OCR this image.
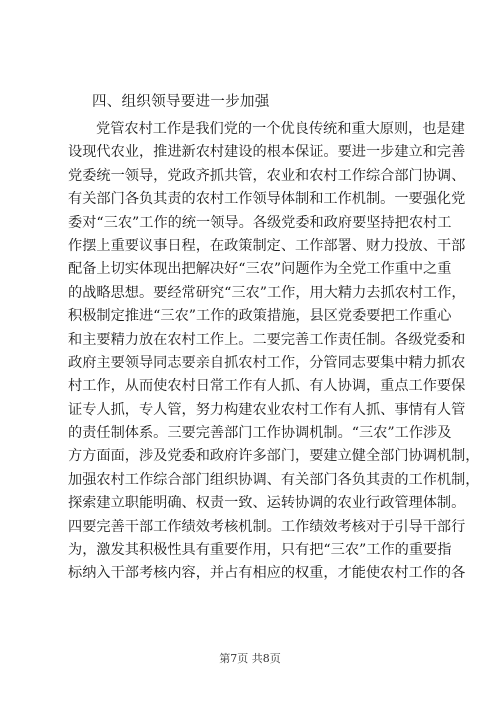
四、组织领导要进一步加强
党管农村工作是我们党的一个优良传统和重大原则，也是建
设现代农业，推进新农村建设的根本保证。要进一步建立和完善
党委统一领导，党政齐抓共管，农业和农村工作综合部门协调、
有关部门各负其责的农村工作领导体制和工作机制。一要强化党
委对“三农”工作的统一领导。各级党委和政府要坚持把农村工
作摆上重要议事日程，在政策制定、工作部署、财力投放、干部
配备上切实体现出把解决好“三农”问题作为全党工作重中之重
的战略思想。要经常研究“三农”工作，用大精力去抓农村工作，
积极制定推进“三农”工作的政策措施，县区党委要把工作重心
和主要精力放在农村工作上。二要完善工作责任制。各级党委和
政府主要领导同志要亲自抓农村工作，分管同志要集中精力抓农
村工作，从而使农村日常工作有人抓、有人协调，重点工作要保
证专人抓，专人管，努力构建农业农村工作有人抓、事情有人管
的责任制体系。三要完善部门工作协调机制。“三农”工作涉及
方方面面，涉及党委和政府许多部门，要建立健全部门协调机制，
加强农村工作综合部门组织协调、有关部门各负其责的工作机制，
探索建立职能明确、权责一致、运转协调的农业行政管理体制。
四要完善干部工作绩效考核机制。工作绩效考核对于引导干部行
为，激发其积极性具有重要作用，只有把“三农”工作的重要指
标纳入干部考核内容，并占有相应的权重，才能使农村工作的各
第7页 共8页
